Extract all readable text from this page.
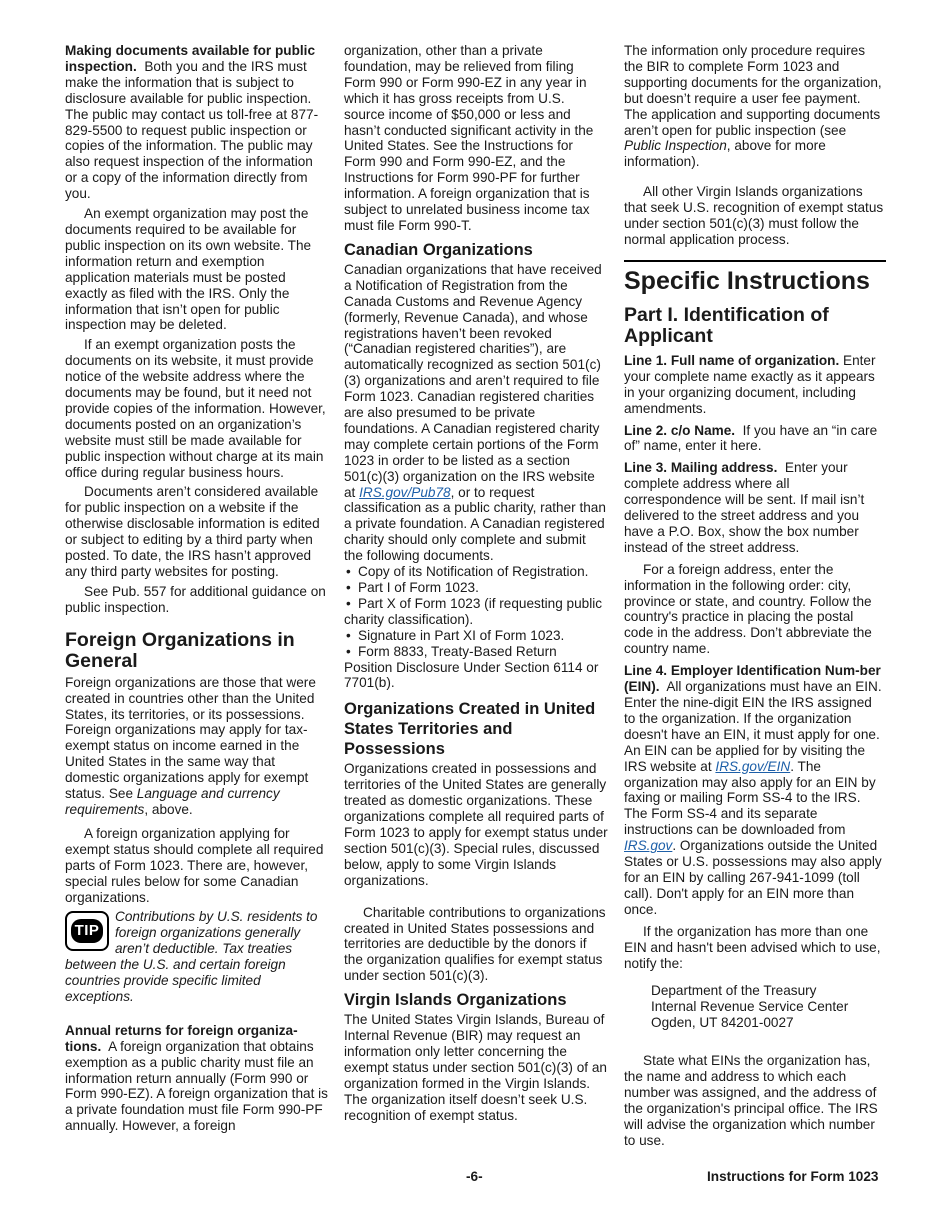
Making documents available for public inspection. Both you and the IRS must make the information that is subject to disclosure available for public inspection. The public may contact us toll-free at 877-829-5500 to request public inspection or copies of the information. The public may also request inspection of the information or a copy of the information directly from you.

An exempt organization may post the documents required to be available for public inspection on its own website. The information return and exemption application materials must be posted exactly as filed with the IRS. Only the information that isn’t open for public inspection may be deleted.

If an exempt organization posts the documents on its website, it must provide notice of the website address where the documents may be found, but it need not provide copies of the information. However, documents posted on an organization’s website must still be made available for public inspection without charge at its main office during regular business hours.

Documents aren’t considered available for public inspection on a website if the otherwise disclosable information is edited or subject to editing by a third party when posted. To date, the IRS hasn’t approved any third party websites for posting.

See Pub. 557 for additional guidance on public inspection.

Foreign Organizations in General

Foreign organizations are those that were created in countries other than the United States, its territories, or its possessions. Foreign organizations may apply for tax-exempt status on income earned in the United States in the same way that domestic organizations apply for exempt status. See Language and currency requirements, above.

A foreign organization applying for exempt status should complete all required parts of Form 1023. There are, however, special rules below for some Canadian organizations.

TIP
Contributions by U.S. residents to foreign organizations generally aren’t deductible. Tax treaties between the U.S. and certain foreign countries provide specific limited exceptions.

Annual returns for foreign organiza-tions. A foreign organization that obtains exemption as a public charity must file an information return annually (Form 990 or Form 990-EZ). A foreign organization that is a private foundation must file Form 990-PF annually. However, a foreign

organization, other than a private foundation, may be relieved from filing Form 990 or Form 990-EZ in any year in which it has gross receipts from U.S. source income of $50,000 or less and hasn’t conducted significant activity in the United States. See the Instructions for Form 990 and Form 990-EZ, and the Instructions for Form 990-PF for further information. A foreign organization that is subject to unrelated business income tax must file Form 990-T.

Canadian Organizations

Canadian organizations that have received a Notification of Registration from the Canada Customs and Revenue Agency (formerly, Revenue Canada), and whose registrations haven’t been revoked (“Canadian registered charities”), are automatically recognized as section 501(c)(3) organizations and aren’t required to file Form 1023. Canadian registered charities are also presumed to be private foundations. A Canadian registered charity may complete certain portions of the Form 1023 in order to be listed as a section 501(c)(3) organization on the IRS website at IRS.gov/Pub78, or to request classification as a public charity, rather than a private foundation. A Canadian registered charity should only complete and submit the following documents.

• Copy of its Notification of Registration.
• Part I of Form 1023.
• Part X of Form 1023 (if requesting public charity classification).
• Signature in Part XI of Form 1023.
• Form 8833, Treaty-Based Return Position Disclosure Under Section 6114 or 7701(b).
Organizations Created in United States Territories and Possessions

Organizations created in possessions and territories of the United States are generally treated as domestic organizations. These organizations complete all required parts of Form 1023 to apply for exempt status under section 501(c)(3). Special rules, discussed below, apply to some Virgin Islands organizations.

Charitable contributions to organizations created in United States possessions and territories are deductible by the donors if the organization qualifies for exempt status under section 501(c)(3).

Virgin Islands Organizations

The United States Virgin Islands, Bureau of Internal Revenue (BIR) may request an information only letter concerning the exempt status under section 501(c)(3) of an organization formed in the Virgin Islands. The organization itself doesn’t seek U.S. recognition of exempt status.

The information only procedure requires the BIR to complete Form 1023 and supporting documents for the organization, but doesn’t require a user fee payment. The application and supporting documents aren’t open for public inspection (see Public Inspection, above for more information).

All other Virgin Islands organizations that seek U.S. recognition of exempt status under section 501(c)(3) must follow the normal application process.

Specific Instructions
Part I. Identification of Applicant

Line 1. Full name of organization. Enter your complete name exactly as it appears in your organizing document, including amendments.

Line 2. c/o Name. If you have an “in care of” name, enter it here.

Line 3. Mailing address. Enter your complete address where all correspondence will be sent. If mail isn’t delivered to the street address and you have a P.O. Box, show the box number instead of the street address.

For a foreign address, enter the information in the following order: city, province or state, and country. Follow the country's practice in placing the postal code in the address. Don’t abbreviate the country name.

Line 4. Employer Identification Num-ber (EIN). All organizations must have an EIN. Enter the nine-digit EIN the IRS assigned to the organization. If the organization doesn't have an EIN, it must apply for one. An EIN can be applied for by visiting the IRS website at IRS.gov/EIN. The organization may also apply for an EIN by faxing or mailing Form SS-4 to the IRS. The Form SS-4 and its separate instructions can be downloaded from IRS.gov. Organizations outside the United States or U.S. possessions may also apply for an EIN by calling 267-941-1099 (toll call). Don't apply for an EIN more than once.

If the organization has more than one EIN and hasn't been advised which to use, notify the:

Department of the Treasury
Internal Revenue Service Center
Ogden, UT 84201-0027

State what EINs the organization has, the name and address to which each number was assigned, and the address of the organization's principal office. The IRS will advise the organization which number to use.

-6-	Instructions for Form 1023
